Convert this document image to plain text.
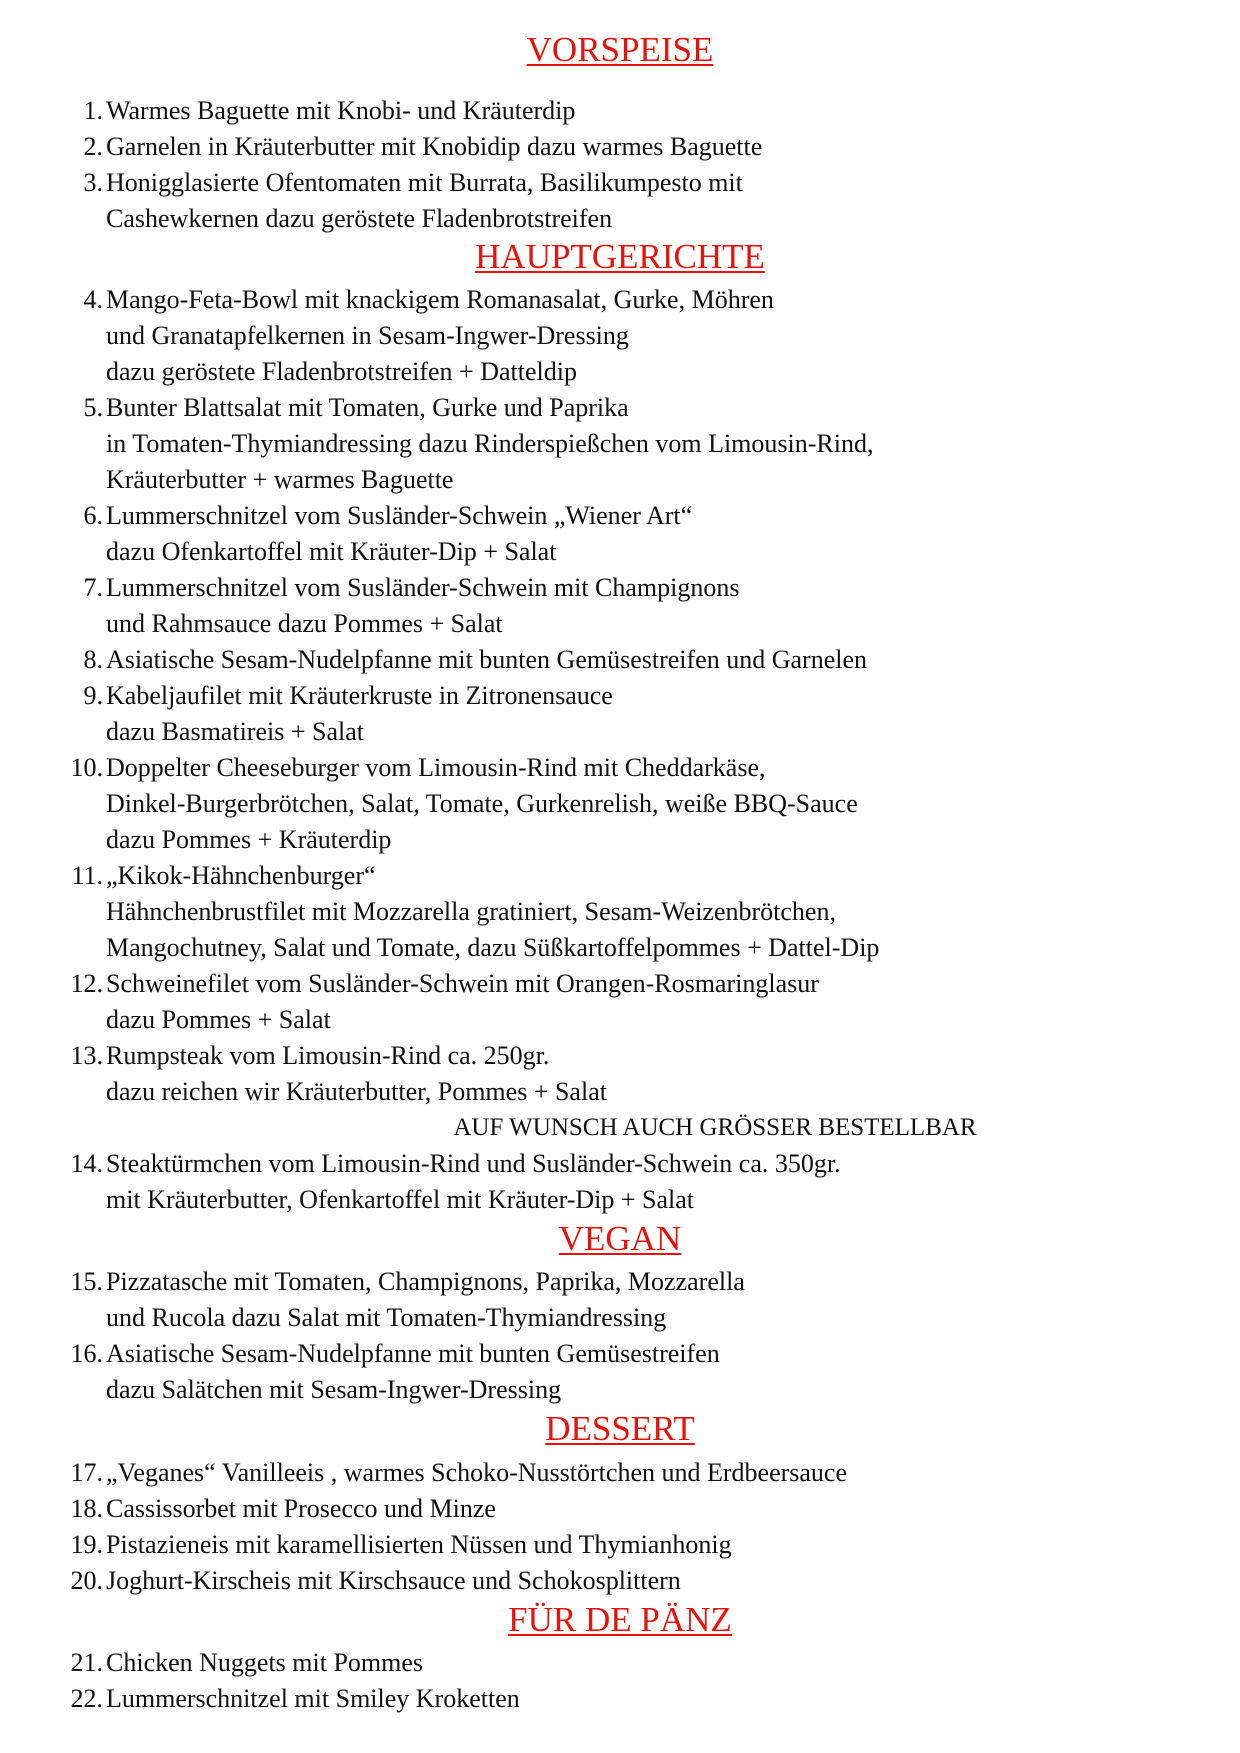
VORSPEISE
1. Warmes Baguette mit Knobi- und Kräuterdip
2. Garnelen in Kräuterbutter mit Knobidip dazu warmes Baguette
3. Honigglasierte Ofentomaten mit Burrata, Basilikumpesto mit
Cashewkernen dazu geröstete Fladenbrotstreifen
HAUPTGERICHTE
4. Mango-Feta-Bowl mit knackigem Romanasalat, Gurke, Möhren
und Granatapfelkernen in Sesam-Ingwer-Dressing
dazu geröstete Fladenbrotstreifen + Datteldip
5. Bunter Blattsalat mit Tomaten, Gurke und Paprika
in Tomaten-Thymiandressing dazu Rinderspießchen vom Limousin-Rind,
Kräuterbutter + warmes Baguette
6. Lummerschnitzel vom Susländer-Schwein „Wiener Art“
dazu Ofenkartoffel mit Kräuter-Dip + Salat
7. Lummerschnitzel vom Susländer-Schwein mit Champignons
und Rahmsauce dazu Pommes + Salat
8. Asiatische Sesam-Nudelpfanne mit bunten Gemüsestreifen und Garnelen
9. Kabeljaufilet mit Kräuterkruste in Zitronensauce
dazu Basmatireis + Salat
10. Doppelter Cheeseburger vom Limousin-Rind mit Cheddarkäse,
Dinkel-Burgerbrötchen, Salat, Tomate, Gurkenrelish, weiße BBQ-Sauce
dazu Pommes + Kräuterdip
11. „Kikok-Hähnchenburger“
Hähnchenbrustfilet mit Mozzarella gratiniert, Sesam-Weizenbrötchen,
Mangochutney, Salat und Tomate, dazu Süßkartoffelpommes + Dattel-Dip
12. Schweinefilet vom Susländer-Schwein mit Orangen-Rosmaringlasur
dazu Pommes + Salat
13. Rumpsteak vom Limousin-Rind ca. 250gr.
dazu reichen wir Kräuterbutter, Pommes + Salat
AUF WUNSCH AUCH GRÖSSER BESTELLBAR
14. Steaktürmchen vom Limousin-Rind und Susländer-Schwein ca. 350gr.
mit Kräuterbutter, Ofenkartoffel mit Kräuter-Dip + Salat
VEGAN
15. Pizzatasche mit Tomaten, Champignons, Paprika, Mozzarella
und Rucola dazu Salat mit Tomaten-Thymiandressing
16. Asiatische Sesam-Nudelpfanne mit bunten Gemüsestreifen
dazu Salätchen mit Sesam-Ingwer-Dressing
DESSERT
17. „Veganes“ Vanilleeis , warmes Schoko-Nusstörtchen und Erdbeersauce
18. Cassissorbet mit Prosecco und Minze
19. Pistazieneis mit karamellisierten Nüssen und Thymianhonig
20. Joghurt-Kirscheis mit Kirschsauce und Schokosplittern
FÜR DE PÄNZ
21. Chicken Nuggets mit Pommes
22. Lummerschnitzel mit Smiley Kroketten
